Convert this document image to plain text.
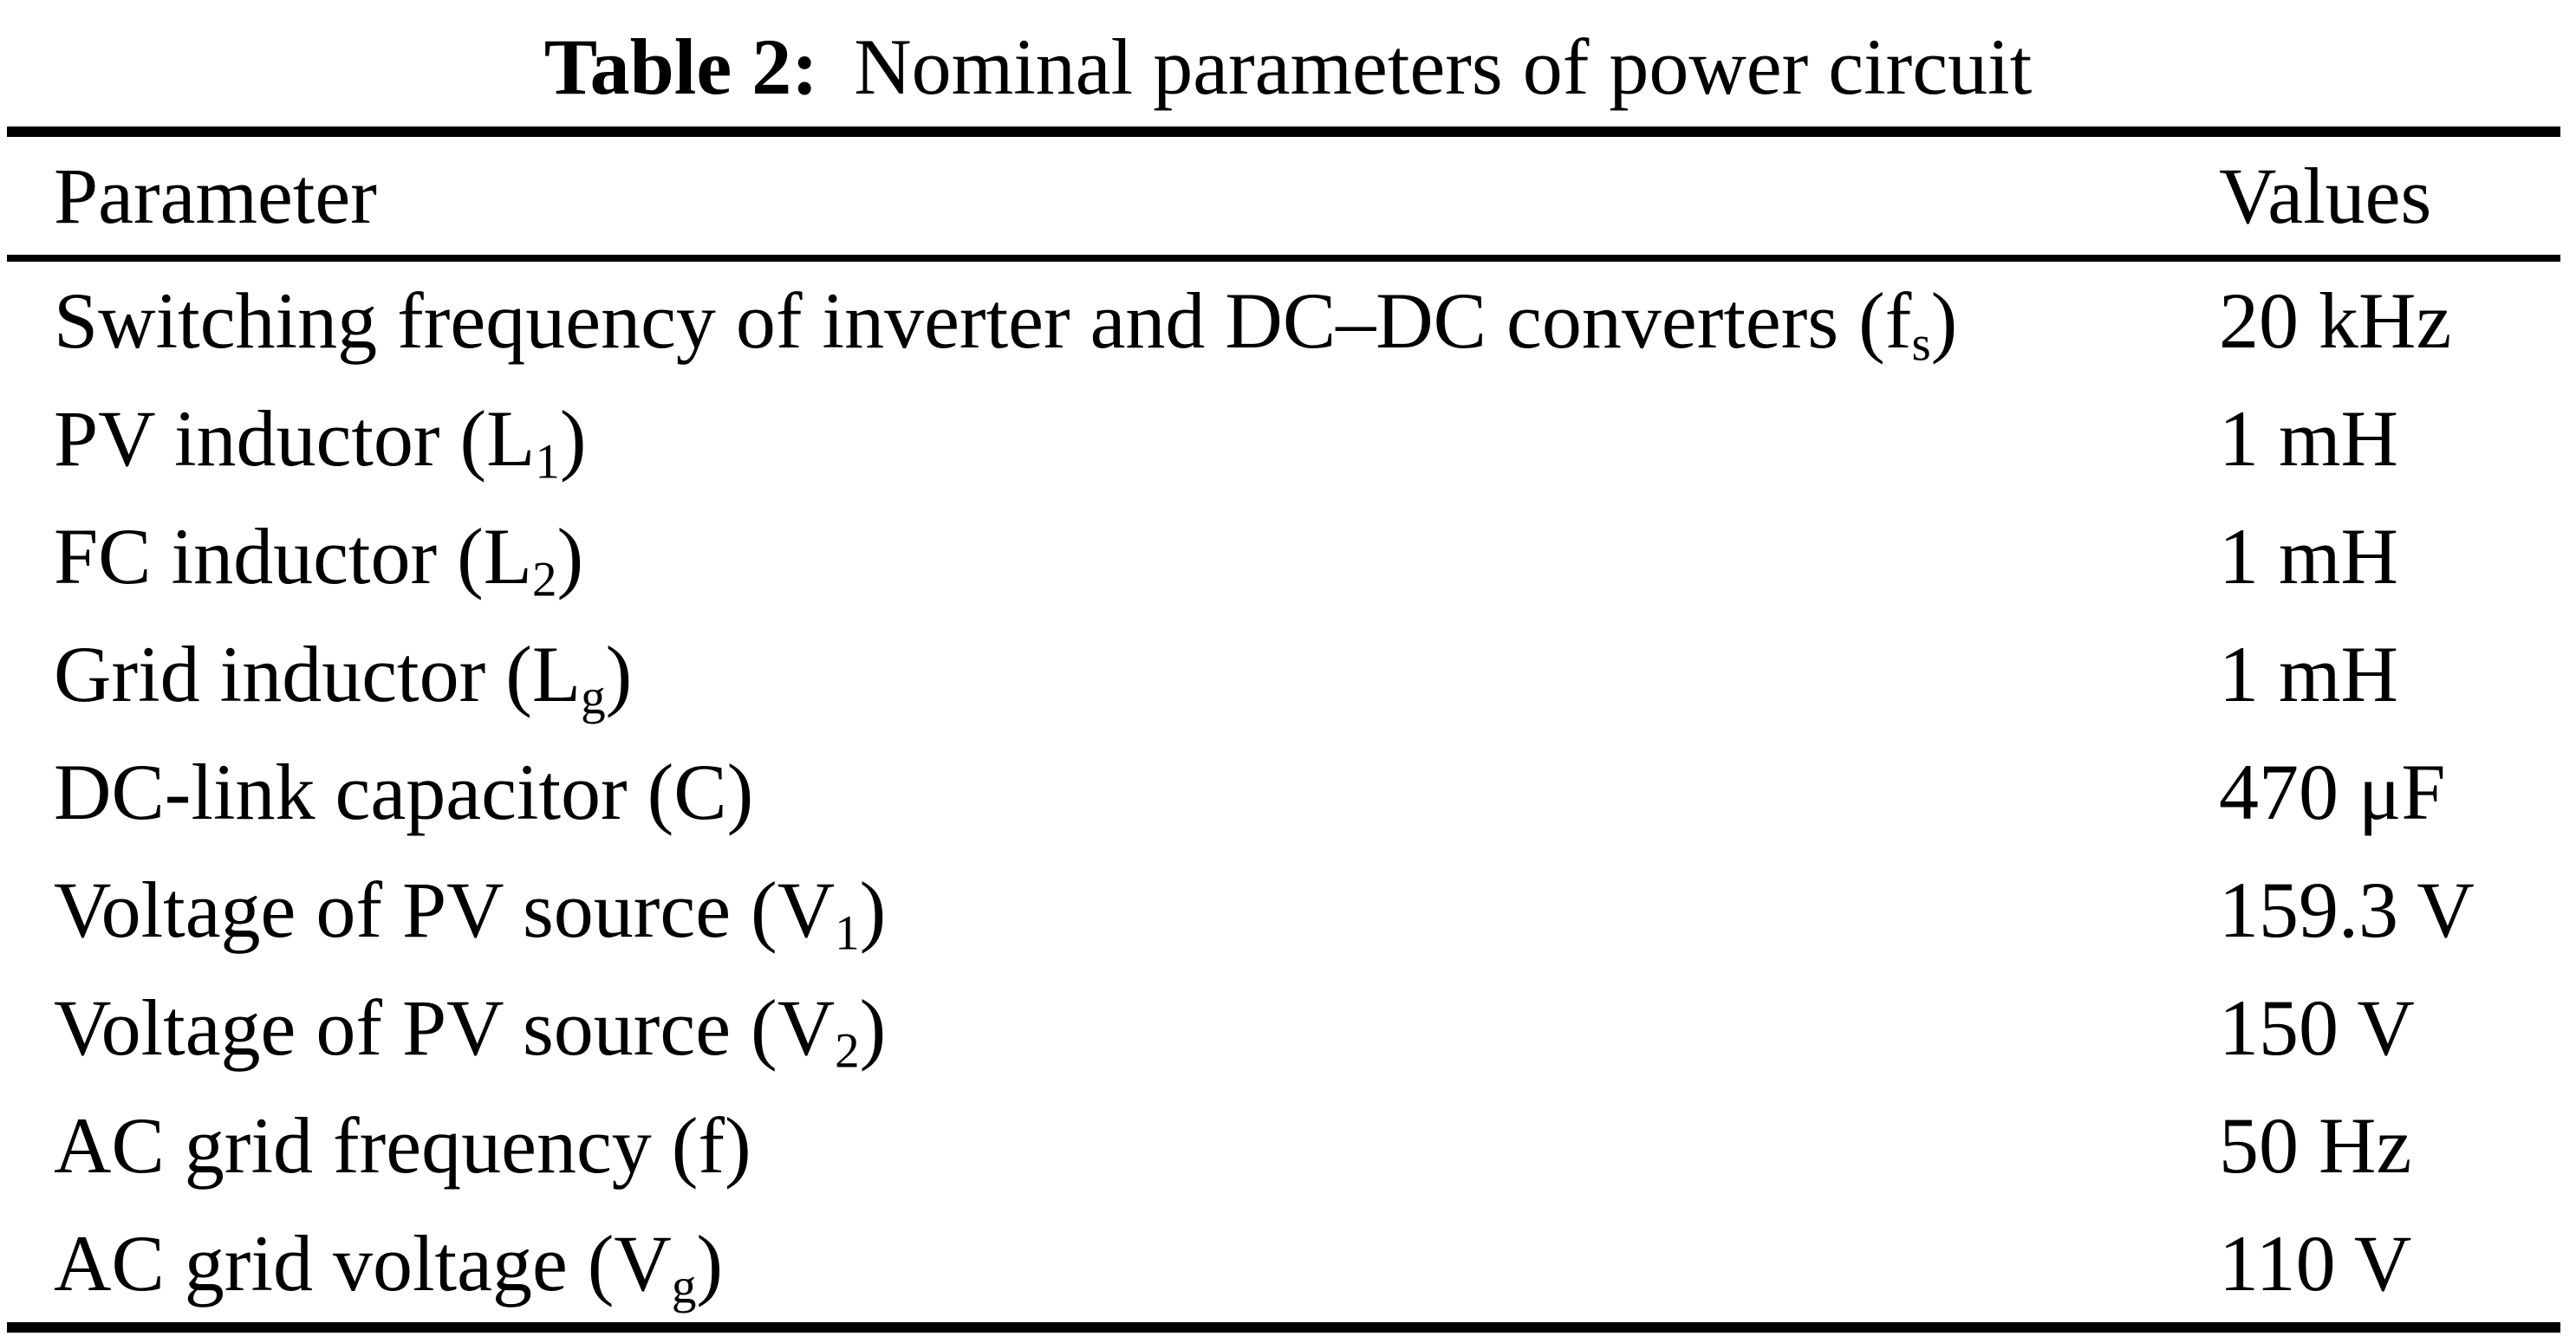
Table 2: Nominal parameters of power circuit
Parameter	Values
Switching frequency of inverter and DC–DC converters $(f_s)$	20 kHz
PV inductor $(L_1)$	1 mH
FC inductor $(L_2)$	1 mH
Grid inductor $(L_g)$	1 mH
DC-link capacitor (C)	470 μF
Voltage of PV source $(V_1)$	159.3 V
Voltage of PV source $(V_2)$	150 V
AC grid frequency (f)	50 Hz
AC grid voltage $(V_g)$	110 V
